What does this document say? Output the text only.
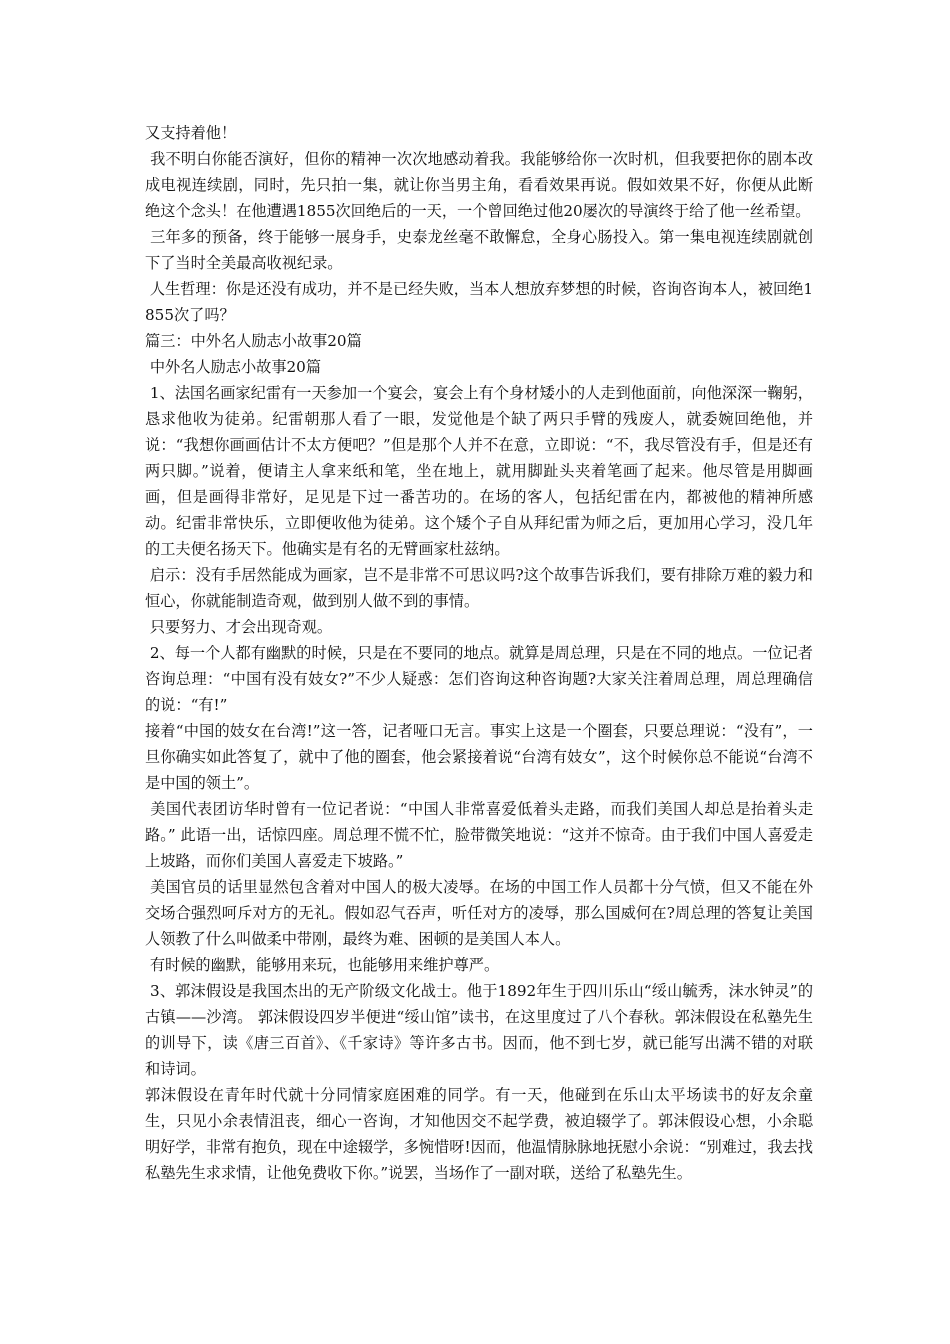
又支持着他！

我不明白你能否演好，但你的精神一次次地感动着我。我能够给你一次时机，但我要把你的剧本改成电视连续剧，同时，先只拍一集，就让你当男主角，看看效果再说。假如效果不好，你便从此断绝这个念头！在他遭遇1855次回绝后的一天，一个曾回绝过他20屡次的导演终于给了他一丝希望。

三年多的预备，终于能够一展身手，史泰龙丝毫不敢懈怠，全身心肠投入。第一集电视连续剧就创下了当时全美最高收视纪录。

人生哲理：你是还没有成功，并不是已经失败，当本人想放弃梦想的时候，咨询咨询本人，被回绝1855次了吗？

篇三：中外名人励志小故事20篇

中外名人励志小故事20篇

1、法国名画家纪雷有一天参加一个宴会，宴会上有个身材矮小的人走到他面前，向他深深一鞠躬，恳求他收为徒弟。纪雷朝那人看了一眼，发觉他是个缺了两只手臂的残废人，就委婉回绝他，并说：“我想你画画估计不太方便吧？”但是那个人并不在意，立即说：“不，我尽管没有手，但是还有两只脚。”说着，便请主人拿来纸和笔，坐在地上，就用脚趾头夹着笔画了起来。他尽管是用脚画画，但是画得非常好，足见是下过一番苦功的。在场的客人，包括纪雷在内，都被他的精神所感动。纪雷非常快乐，立即便收他为徒弟。这个矮个子自从拜纪雷为师之后，更加用心学习，没几年的工夫便名扬天下。他确实是有名的无臂画家杜兹纳。

启示：没有手居然能成为画家，岂不是非常不可思议吗?这个故事告诉我们，要有排除万难的毅力和恒心，你就能制造奇观，做到别人做不到的事情。

只要努力、才会出现奇观。

2、每一个人都有幽默的时候，只是在不要同的地点。就算是周总理，只是在不同的地点。一位记者咨询总理：“中国有没有妓女?”不少人疑惑：怎们咨询这种咨询题?大家关注着周总理，周总理确信的说：“有!”

接着“中国的妓女在台湾!”这一答，记者哑口无言。事实上这是一个圈套，只要总理说：“没有”，一旦你确实如此答复了，就中了他的圈套，他会紧接着说“台湾有妓女”，这个时候你总不能说“台湾不是中国的领土”。

美国代表团访华时曾有一位记者说：“中国人非常喜爱低着头走路，而我们美国人却总是抬着头走路。” 此语一出，话惊四座。周总理不慌不忙，脸带微笑地说：“这并不惊奇。由于我们中国人喜爱走上坡路，而你们美国人喜爱走下坡路。”

美国官员的话里显然包含着对中国人的极大凌辱。在场的中国工作人员都十分气愤，但又不能在外交场合强烈呵斥对方的无礼。假如忍气吞声，听任对方的凌辱，那么国威何在?周总理的答复让美国人领教了什么叫做柔中带刚，最终为难、困顿的是美国人本人。

有时候的幽默，能够用来玩，也能够用来维护尊严。

3、郭沫假设是我国杰出的无产阶级文化战士。他于1892年生于四川乐山“绥山毓秀，沫水钟灵”的古镇——沙湾。 郭沫假设四岁半便进“绥山馆”读书，在这里度过了八个春秋。郭沫假设在私塾先生的训导下，读《唐三百首》、《千家诗》等许多古书。因而，他不到七岁，就已能写出满不错的对联和诗词。

郭沫假设在青年时代就十分同情家庭困难的同学。有一天，他碰到在乐山太平场读书的好友余童生，只见小余表情沮丧，细心一咨询，才知他因交不起学费，被迫辍学了。郭沫假设心想，小余聪明好学，非常有抱负，现在中途辍学，多惋惜呀!因而，他温情脉脉地抚慰小余说：“别难过，我去找私塾先生求求情，让他免费收下你。”说罢，当场作了一副对联，送给了私塾先生。
